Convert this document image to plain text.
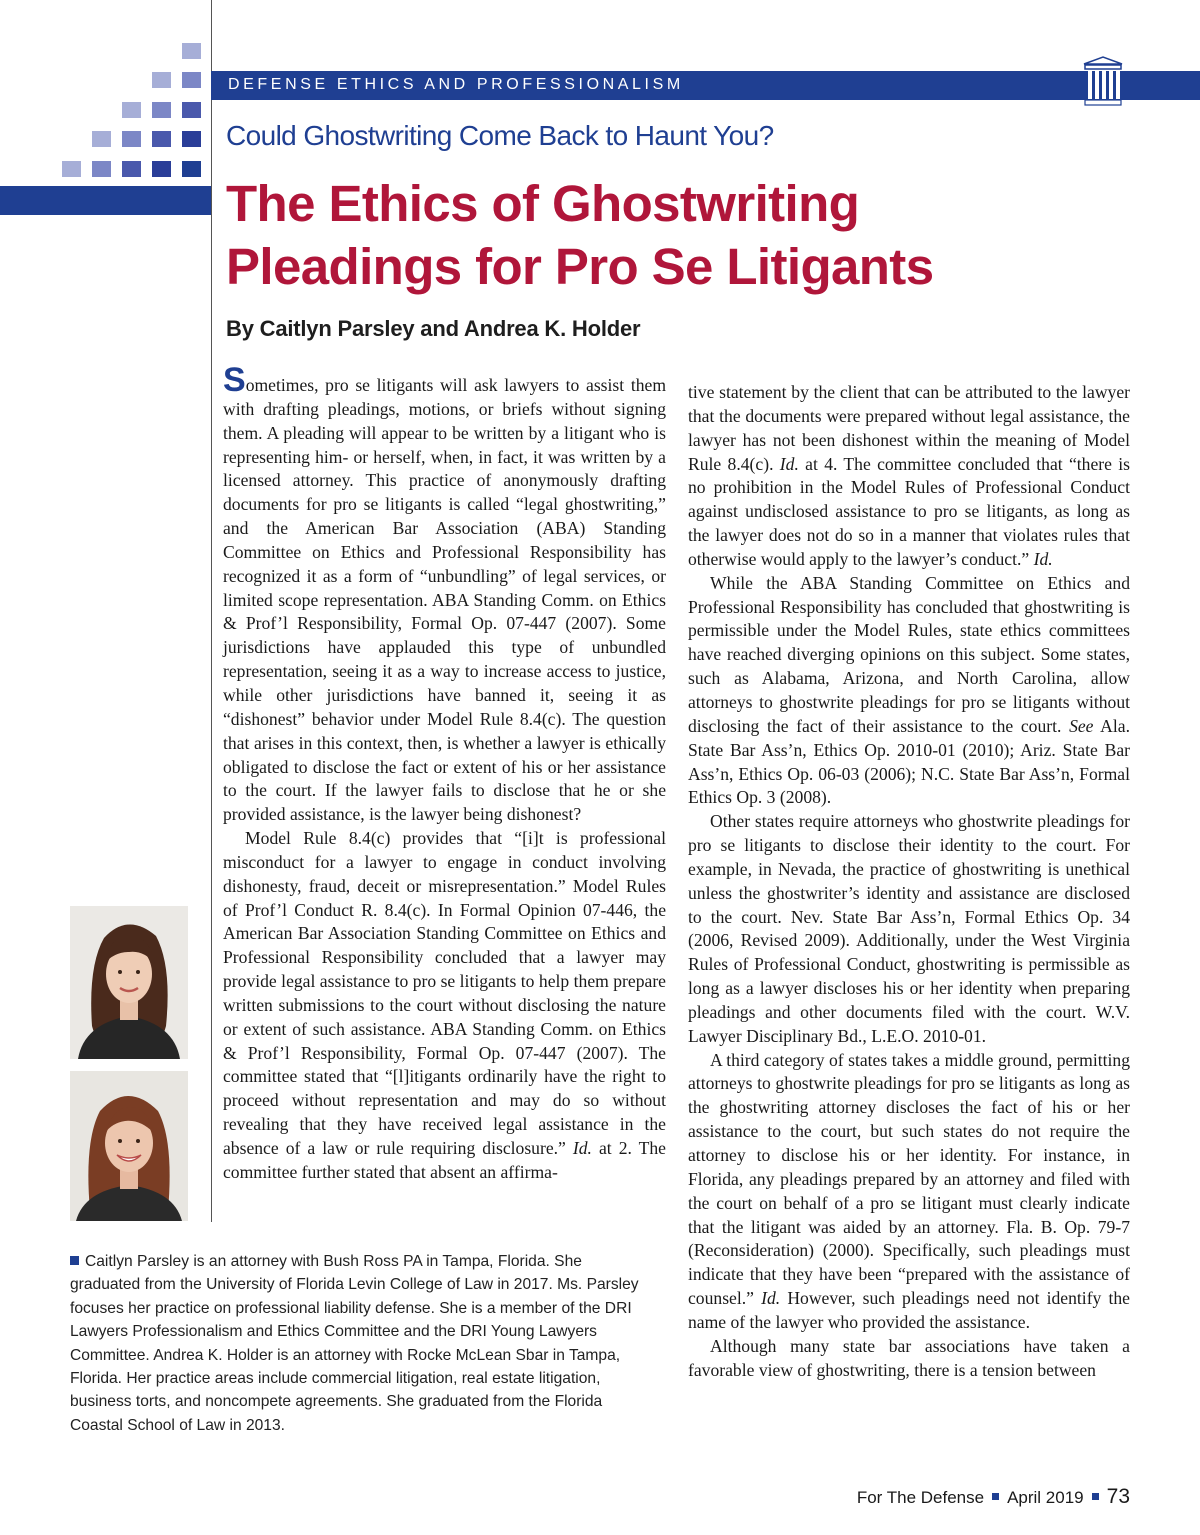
DEFENSE ETHICS AND PROFESSIONALISM
Could Ghostwriting Come Back to Haunt You?
The Ethics of Ghostwriting
Pleadings for Pro Se Litigants
By Caitlyn Parsley and Andrea K. Holder

Sometimes, pro se litigants will ask lawyers to assist them with drafting pleadings, motions, or briefs without signing them. A pleading will appear to be written by a litigant who is representing him- or herself, when, in fact, it was written by a licensed attorney. This practice of anonymously drafting documents for pro se litigants is called “legal ghostwriting,” and the American Bar Association (ABA) Standing Committee on Ethics and Professional Responsibility has recognized it as a form of “unbundling” of legal services, or limited scope representation. ABA Standing Comm. on Ethics & Prof’l Responsibility, Formal Op. 07-447 (2007). Some jurisdictions have applauded this type of unbundled representation, seeing it as a way to increase access to justice, while other jurisdictions have banned it, seeing it as “dishonest” behavior under Model Rule 8.4(c). The question that arises in this context, then, is whether a lawyer is ethically obligated to disclose the fact or extent of his or her assistance to the court. If the lawyer fails to disclose that he or she provided assistance, is the lawyer being dishonest?

Model Rule 8.4(c) provides that “[i]t is professional misconduct for a lawyer to engage in conduct involving dishonesty, fraud, deceit or misrepresentation.” Model Rules of Prof’l Conduct R. 8.4(c). In Formal Opinion 07-446, the American Bar Association Standing Committee on Ethics and Professional Responsibility concluded that a lawyer may provide legal assistance to pro se litigants to help them prepare written submissions to the court without disclosing the nature or extent of such assistance. ABA Standing Comm. on Ethics & Prof’l Responsibility, Formal Op. 07-447 (2007). The committee stated that “[l]itigants ordinarily have the right to proceed without representation and may do so without revealing that they have received legal assistance in the absence of a law or rule requiring disclosure.” Id. at 2. The committee further stated that absent an affirma-

tive statement by the client that can be attributed to the lawyer that the documents were prepared without legal assistance, the lawyer has not been dishonest within the meaning of Model Rule 8.4(c). Id. at 4. The committee concluded that “there is no prohibition in the Model Rules of Professional Conduct against undisclosed assistance to pro se litigants, as long as the lawyer does not do so in a manner that violates rules that otherwise would apply to the lawyer’s conduct.” Id.

While the ABA Standing Committee on Ethics and Professional Responsibility has concluded that ghostwriting is permissible under the Model Rules, state ethics committees have reached diverging opinions on this subject. Some states, such as Alabama, Arizona, and North Carolina, allow attorneys to ghostwrite pleadings for pro se litigants without disclosing the fact of their assistance to the court. See Ala. State Bar Ass’n, Ethics Op. 2010-01 (2010); Ariz. State Bar Ass’n, Ethics Op. 06-03 (2006); N.C. State Bar Ass’n, Formal Ethics Op. 3 (2008).

Other states require attorneys who ghostwrite pleadings for pro se litigants to disclose their identity to the court. For example, in Nevada, the practice of ghostwriting is unethical unless the ghostwriter’s identity and assistance are disclosed to the court. Nev. State Bar Ass’n, Formal Ethics Op. 34 (2006, Revised 2009). Additionally, under the West Virginia Rules of Professional Conduct, ghostwriting is permissible as long as a lawyer discloses his or her identity when preparing pleadings and other documents filed with the court. W.V. Lawyer Disciplinary Bd., L.E.O. 2010-01.

A third category of states takes a middle ground, permitting attorneys to ghostwrite pleadings for pro se litigants as long as the ghostwriting attorney discloses the fact of his or her assistance to the court, but such states do not require the attorney to disclose his or her identity. For instance, in Florida, any pleadings prepared by an attorney and filed with the court on behalf of a pro se litigant must clearly indicate that the litigant was aided by an attorney. Fla. B. Op. 79-7 (Reconsideration) (2000). Specifically, such pleadings must indicate that they have been “prepared with the assistance of counsel.” Id. However, such pleadings need not identify the name of the lawyer who provided the assistance.

Although many state bar associations have taken a favorable view of ghostwriting, there is a tension between

Caitlyn Parsley is an attorney with Bush Ross PA in Tampa, Florida. She graduated from the University of Florida Levin College of Law in 2017. Ms. Parsley focuses her practice on professional liability defense. She is a member of the DRI Lawyers Professionalism and Ethics Committee and the DRI Young Lawyers Committee. Andrea K. Holder is an attorney with Rocke McLean Sbar in Tampa, Florida. Her practice areas include commercial litigation, real estate litigation, business torts, and noncompete agreements. She graduated from the Florida Coastal School of Law in 2013.
For The Defense April 2019 73
